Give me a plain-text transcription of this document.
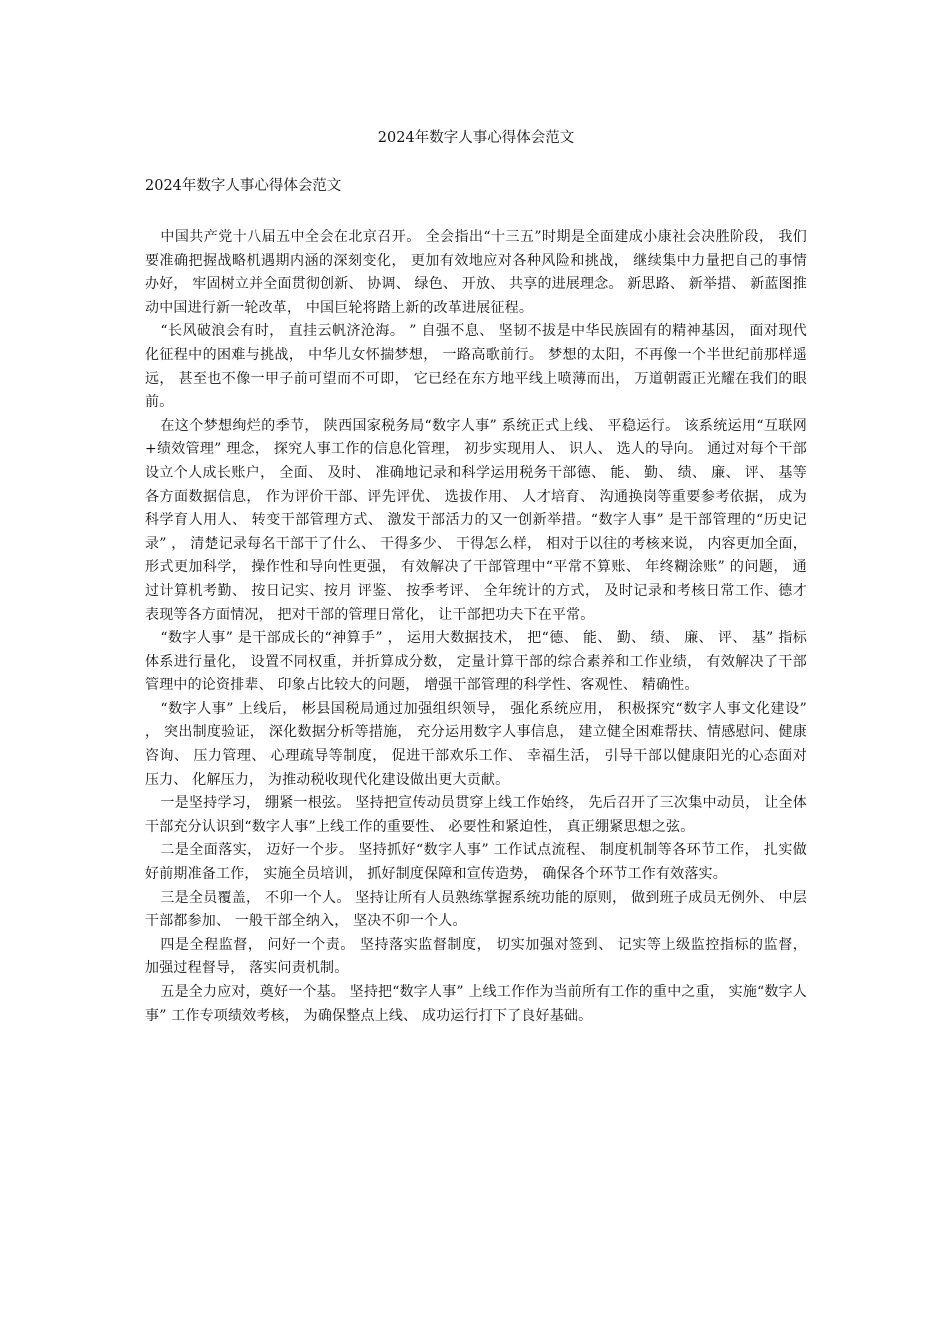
2024年数字人事心得体会范文

2024年数字人事心得体会范文

中国共产党十八届五中全会在北京召开。 全会指出“十三五”时期是全面建成小康社会决胜阶段， 我们要准确把握战略机遇期内涵的深刻变化， 更加有效地应对各种风险和挑战， 继续集中力量把自己的事情办好， 牢固树立并全面贯彻创新、 协调、 绿色、 开放、 共享的进展理念。 新思路、 新举措、 新蓝图推动中国进行新一轮改革， 中国巨轮将踏上新的改革进展征程。

“长风破浪会有时， 直挂云帆济沧海。 ” 自强不息、 坚韧不拔是中华民族固有的精神基因， 面对现代化征程中的困难与挑战， 中华儿女怀揣梦想， 一路高歌前行。 梦想的太阳，不再像一个半世纪前那样遥远， 甚至也不像一甲子前可望而不可即， 它已经在东方地平线上喷薄而出， 万道朝霞正光耀在我们的眼前。

在这个梦想绚烂的季节， 陕西国家税务局“数字人事” 系统正式上线、 平稳运行。 该系统运用“互联网+绩效管理” 理念， 探究人事工作的信息化管理， 初步实现用人、 识人、 选人的导向。 通过对每个干部设立个人成长账户， 全面、 及时、 准确地记录和科学运用税务干部德、 能、 勤、 绩、 廉、 评、 基等各方面数据信息， 作为评价干部、评先评优、 选拔作用、 人才培育、 沟通换岗等重要参考依据， 成为科学育人用人、 转变干部管理方式、 激发干部活力的又一创新举措。“数字人事” 是干部管理的“历史记录” ， 清楚记录每名干部干了什么、 干得多少、 干得怎么样， 相对于以往的考核来说， 内容更加全面， 形式更加科学， 操作性和导向性更强， 有效解决了干部管理中“平常不算账、 年终糊涂账” 的问题， 通过计算机考勤、 按日记实、按月 评鉴、 按季考评、 全年统计的方式， 及时记录和考核日常工作、德才表现等各方面情况， 把对干部的管理日常化， 让干部把功夫下在平常。

“数字人事” 是干部成长的“神算手” ， 运用大数据技术， 把“德、 能、 勤、 绩、 廉、 评、 基” 指标体系进行量化， 设置不同权重，并折算成分数， 定量计算干部的综合素养和工作业绩， 有效解决了干部管理中的论资排辈、 印象占比较大的问题， 增强干部管理的科学性、客观性、 精确性。

“数字人事” 上线后， 彬县国税局通过加强组织领导， 强化系统应用， 积极探究“数字人事文化建设” ， 突出制度验证， 深化数据分析等措施， 充分运用数字人事信息， 建立健全困难帮扶、情感慰问、健康咨询、 压力管理、 心理疏导等制度， 促进干部欢乐工作、 幸福生活， 引导干部以健康阳光的心态面对压力、 化解压力， 为推动税收现代化建设做出更大贡献。

一是坚持学习， 绷紧一根弦。 坚持把宣传动员贯穿上线工作始终， 先后召开了三次集中动员， 让全体干部充分认识到“数字人事”上线工作的重要性、 必要性和紧迫性， 真正绷紧思想之弦。

二是全面落实， 迈好一个步。 坚持抓好“数字人事” 工作试点流程、 制度机制等各环节工作， 扎实做好前期准备工作， 实施全员培训， 抓好制度保障和宣传造势， 确保各个环节工作有效落实。

三是全员覆盖， 不卯一个人。 坚持让所有人员熟练掌握系统功能的原则， 做到班子成员无例外、 中层干部都参加、 一般干部全纳入， 坚决不卯一个人。

四是全程监督， 问好一个责。 坚持落实监督制度， 切实加强对签到、 记实等上级监控指标的监督， 加强过程督导， 落实问责机制。

五是全力应对，奠好一个基。 坚持把“数字人事” 上线工作作为当前所有工作的重中之重， 实施“数字人事” 工作专项绩效考核， 为确保整点上线、 成功运行打下了良好基础。
